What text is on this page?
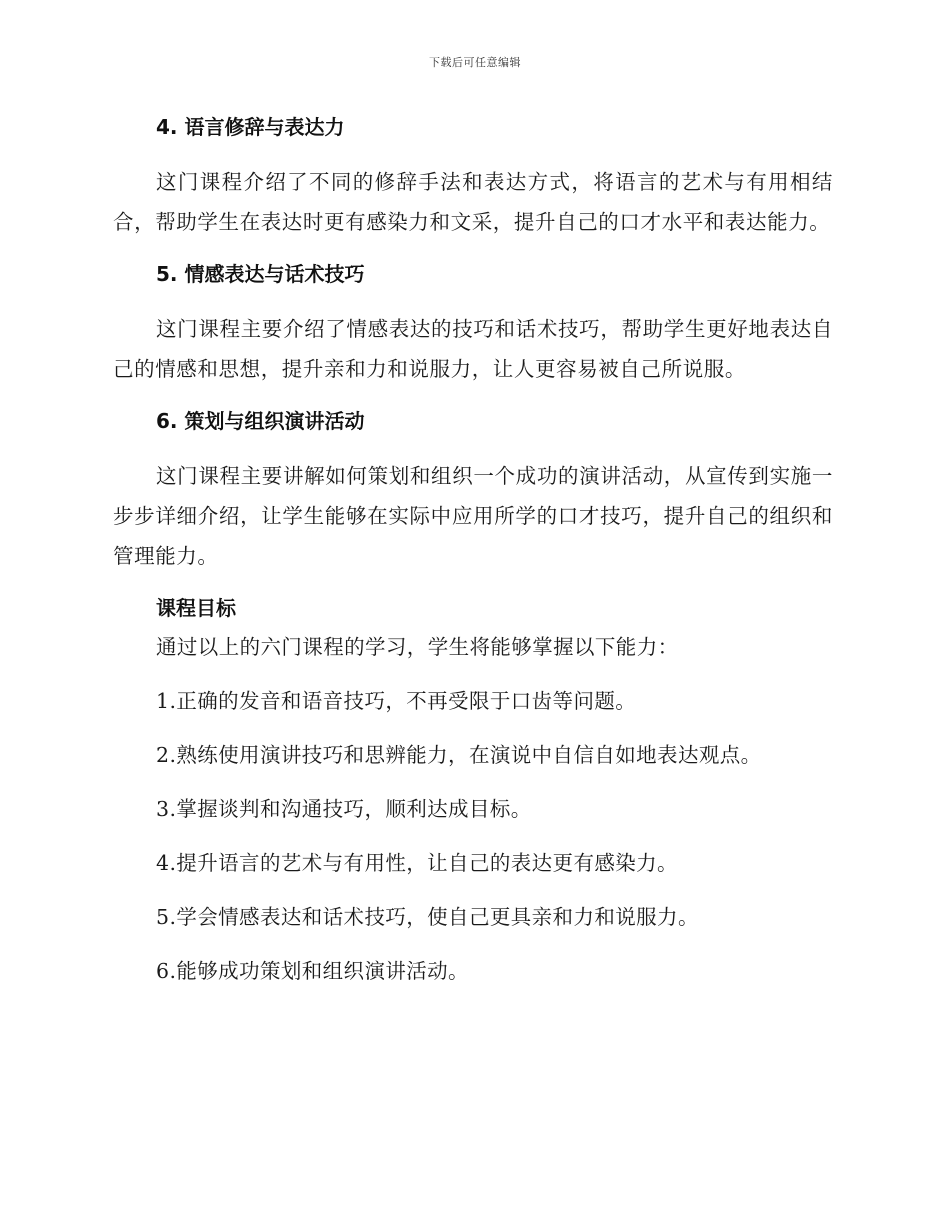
下载后可任意编辑
4. 语言修辞与表达力

这门课程介绍了不同的修辞手法和表达方式，将语言的艺术与有用相结合，帮助学生在表达时更有感染力和文采，提升自己的口才水平和表达能力。

5. 情感表达与话术技巧

这门课程主要介绍了情感表达的技巧和话术技巧，帮助学生更好地表达自己的情感和思想，提升亲和力和说服力，让人更容易被自己所说服。

6. 策划与组织演讲活动

这门课程主要讲解如何策划和组织一个成功的演讲活动，从宣传到实施一步步详细介绍，让学生能够在实际中应用所学的口才技巧，提升自己的组织和管理能力。

课程目标

通过以上的六门课程的学习，学生将能够掌握以下能力：

1.正确的发音和语音技巧，不再受限于口齿等问题。

2.熟练使用演讲技巧和思辨能力，在演说中自信自如地表达观点。

3.掌握谈判和沟通技巧，顺利达成目标。

4.提升语言的艺术与有用性，让自己的表达更有感染力。

5.学会情感表达和话术技巧，使自己更具亲和力和说服力。

6.能够成功策划和组织演讲活动。
